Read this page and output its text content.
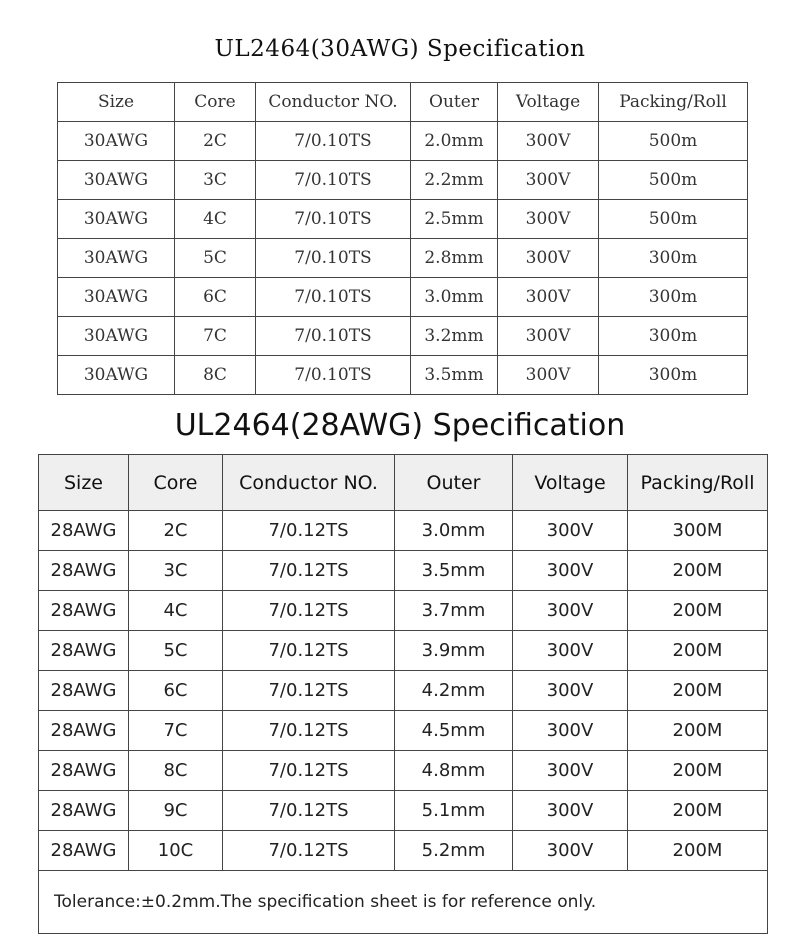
UL2464(30AWG) Specification
Size	Core	Conductor NO.	Outer	Voltage	Packing/Roll
30AWG	2C	7/0.10TS	2.0mm	300V	500m
30AWG	3C	7/0.10TS	2.2mm	300V	500m
30AWG	4C	7/0.10TS	2.5mm	300V	500m
30AWG	5C	7/0.10TS	2.8mm	300V	300m
30AWG	6C	7/0.10TS	3.0mm	300V	300m
30AWG	7C	7/0.10TS	3.2mm	300V	300m
30AWG	8C	7/0.10TS	3.5mm	300V	300m
UL2464(28AWG) Specification
Size	Core	Conductor NO.	Outer	Voltage	Packing/Roll
28AWG	2C	7/0.12TS	3.0mm	300V	300M
28AWG	3C	7/0.12TS	3.5mm	300V	200M
28AWG	4C	7/0.12TS	3.7mm	300V	200M
28AWG	5C	7/0.12TS	3.9mm	300V	200M
28AWG	6C	7/0.12TS	4.2mm	300V	200M
28AWG	7C	7/0.12TS	4.5mm	300V	200M
28AWG	8C	7/0.12TS	4.8mm	300V	200M
28AWG	9C	7/0.12TS	5.1mm	300V	200M
28AWG	10C	7/0.12TS	5.2mm	300V	200M
Tolerance:±0.2mm.The specification sheet is for reference only.					
